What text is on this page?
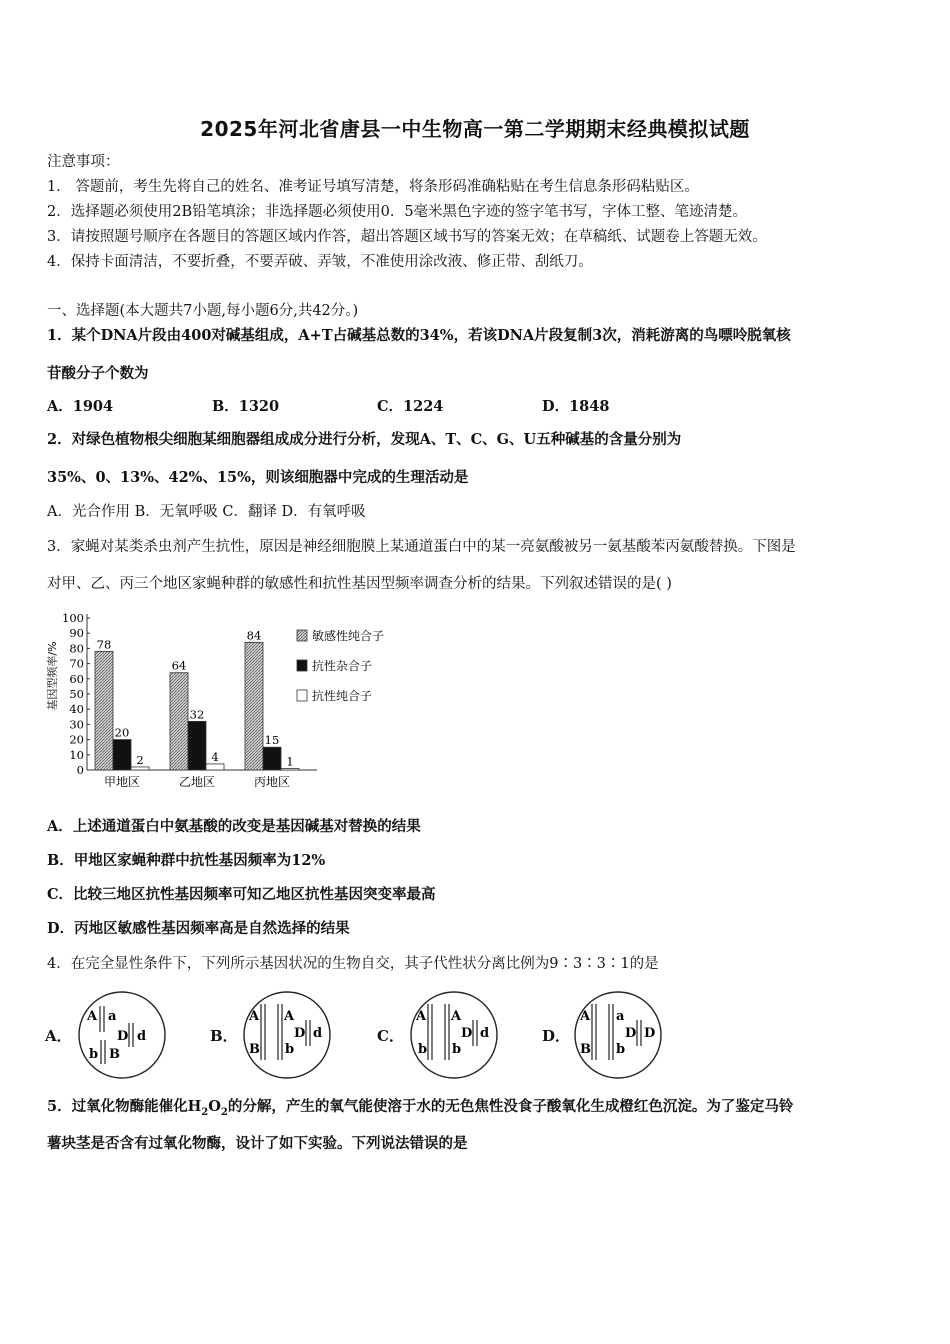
2025年河北省唐县一中生物高一第二学期期末经典模拟试题
注意事项：
1． 答题前，考生先将自己的姓名、准考证号填写清楚，将条形码准确粘贴在考生信息条形码粘贴区。
2．选择题必须使用2B铅笔填涂；非选择题必须使用0．5毫米黑色字迹的签字笔书写，字体工整、笔迹清楚。
3．请按照题号顺序在各题目的答题区域内作答，超出答题区域书写的答案无效；在草稿纸、试题卷上答题无效。
4．保持卡面清洁，不要折叠，不要弄破、弄皱，不准使用涂改液、修正带、刮纸刀。
一、选择题(本大题共7小题,每小题6分,共42分。)
1．某个DNA片段由400对碱基组成，A+T占碱基总数的34%，若该DNA片段复制3次，消耗游离的鸟嘌呤脱氧核
苷酸分子个数为
A．1904	B．1320	C．1224	D．1848
2．对绿色植物根尖细胞某细胞器组成成分进行分析，发现A、T、C、G、U五种碱基的含量分别为
35%、0、13%、42%、15%，则该细胞器中完成的生理活动是
A．光合作用 B．无氧呼吸 C．翻译 D．有氧呼吸
3．家蝇对某类杀虫剂产生抗性，原因是神经细胞膜上某通道蛋白中的某一亮氨酸被另一氨基酸苯丙氨酸替换。下图是
对甲、乙、丙三个地区家蝇种群的敏感性和抗性基因型频率调查分析的结果。下列叙述错误的是( )
基因型频率/%
100
90
80
70
60
50
40
30
20
10
0
78
20
2
甲地区
64
32
4
乙地区
84
15
1
丙地区
敏感性纯合子
抗性杂合子
抗性纯合子
A．上述通道蛋白中氨基酸的改变是基因碱基对替换的结果
B．甲地区家蝇种群中抗性基因频率为12%
C．比较三地区抗性基因频率可知乙地区抗性基因突变率最高
D．丙地区敏感性基因频率高是自然选择的结果
4．在完全显性条件下，下列所示基因状况的生物自交，其子代性状分离比例为9∶3∶3∶1的是
A．
A a
b B
D d	B．
A
B
A
b
D d	C．
A
b
A
b
D d	D．
A
B
a
b
D D
5．过氧化物酶能催化$H_2O_2$的分解，产生的氧气能使溶于水的无色焦性没食子酸氧化生成橙红色沉淀。为了鉴定马铃
薯块茎是否含有过氧化物酶，设计了如下实验。下列说法错误的是
